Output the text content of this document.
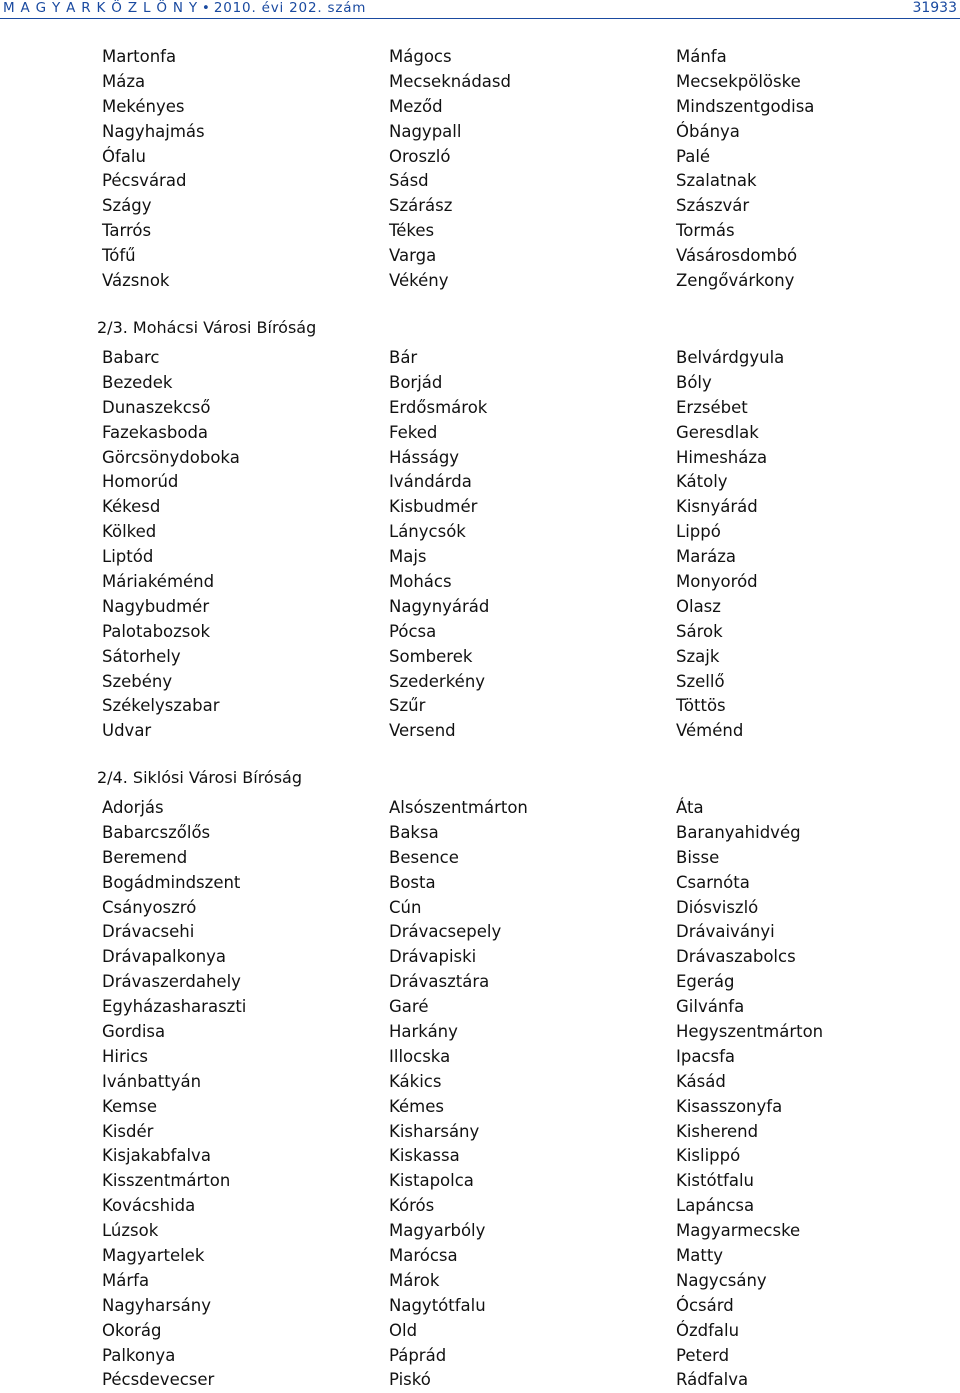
M A G Y A R K Ö Z L Ö N Y • 2010. évi 202. szám	31933
Martonfa	Mágocs	Mánfa
Máza	Mecseknádasd	Mecsekpölöske
Mekényes	Meződ	Mindszentgodisa
Nagyhajmás	Nagypall	Óbánya
Ófalu	Oroszló	Palé
Pécsvárad	Sásd	Szalatnak
Szágy	Szárász	Szászvár
Tarrós	Tékes	Tormás
Tófű	Varga	Vásárosdombó
Vázsnok	Vékény	Zengővárkony
2/3. Mohácsi Városi Bíróság
Babarc	Bár	Belvárdgyula
Bezedek	Borjád	Bóly
Dunaszekcső	Erdősmárok	Erzsébet
Fazekasboda	Feked	Geresdlak
Görcsönydoboka	Hásságy	Himesháza
Homorúd	Ivándárda	Kátoly
Kékesd	Kisbudmér	Kisnyárád
Kölked	Lánycsók	Lippó
Liptód	Majs	Maráza
Máriakéménd	Mohács	Monyoród
Nagybudmér	Nagynyárád	Olasz
Palotabozsok	Pócsa	Sárok
Sátorhely	Somberek	Szajk
Szebény	Szederkény	Szellő
Székelyszabar	Szűr	Töttös
Udvar	Versend	Véménd
2/4. Siklósi Városi Bíróság
Adorjás	Alsószentmárton	Áta
Babarcszőlős	Baksa	Baranyahidvég
Beremend	Besence	Bisse
Bogádmindszent	Bosta	Csarnóta
Csányoszró	Cún	Diósviszló
Drávacsehi	Drávacsepely	Drávaiványi
Drávapalkonya	Drávapiski	Drávaszabolcs
Drávaszerdahely	Drávasztára	Egerág
Egyházasharaszti	Garé	Gilvánfa
Gordisa	Harkány	Hegyszentmárton
Hirics	Illocska	Ipacsfa
Ivánbattyán	Kákics	Kásád
Kemse	Kémes	Kisasszonyfa
Kisdér	Kisharsány	Kisherend
Kisjakabfalva	Kiskassa	Kislippó
Kisszentmárton	Kistapolca	Kistótfalu
Kovácshida	Kórós	Lapáncsa
Lúzsok	Magyarbóly	Magyarmecske
Magyartelek	Marócsa	Matty
Márfa	Márok	Nagycsány
Nagyharsány	Nagytótfalu	Ócsárd
Okorág	Old	Ózdfalu
Palkonya	Páprád	Peterd
Pécsdevecser	Piskó	Rádfalva
